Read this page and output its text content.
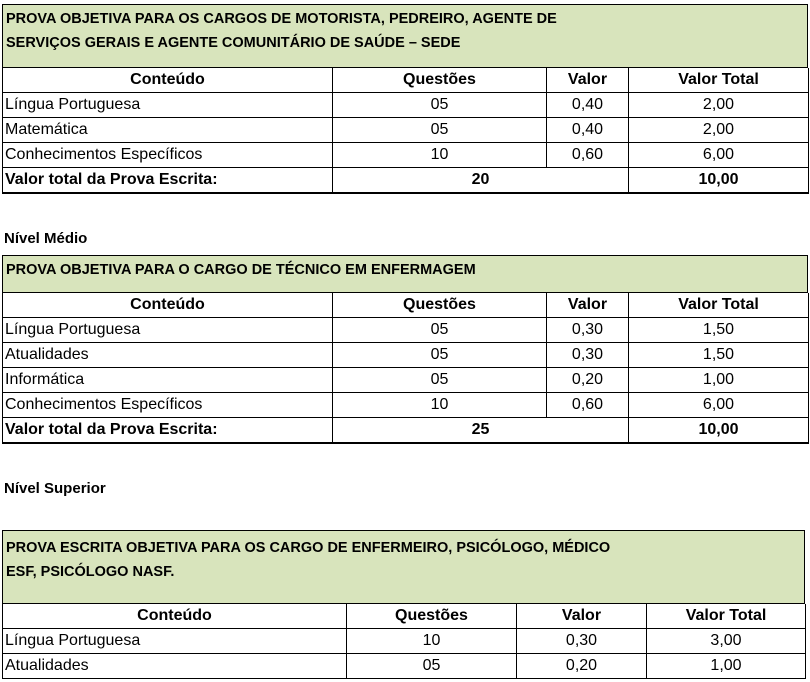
PROVA OBJETIVA PARA OS CARGOS DE MOTORISTA, PEDREIRO, AGENTE DE
SERVIÇOS GERAIS E AGENTE COMUNITÁRIO DE SAÚDE – SEDE
Conteúdo	Questões	Valor	Valor Total
Língua Portuguesa	05	0,40	2,00
Matemática	05	0,40	2,00
Conhecimentos Específicos	10	0,60	6,00
Valor total da Prova Escrita:	20		10,00
Nível Médio
PROVA OBJETIVA PARA O CARGO DE TÉCNICO EM ENFERMAGEM
Conteúdo	Questões	Valor	Valor Total
Língua Portuguesa	05	0,30	1,50
Atualidades	05	0,30	1,50
Informática	05	0,20	1,00
Conhecimentos Específicos	10	0,60	6,00
Valor total da Prova Escrita:	25		10,00
Nível Superior
PROVA ESCRITA OBJETIVA PARA OS CARGO DE ENFERMEIRO, PSICÓLOGO, MÉDICO
ESF, PSICÓLOGO NASF.
Conteúdo	Questões	Valor	Valor Total
Língua Portuguesa	10	0,30	3,00
Atualidades	05	0,20	1,00
